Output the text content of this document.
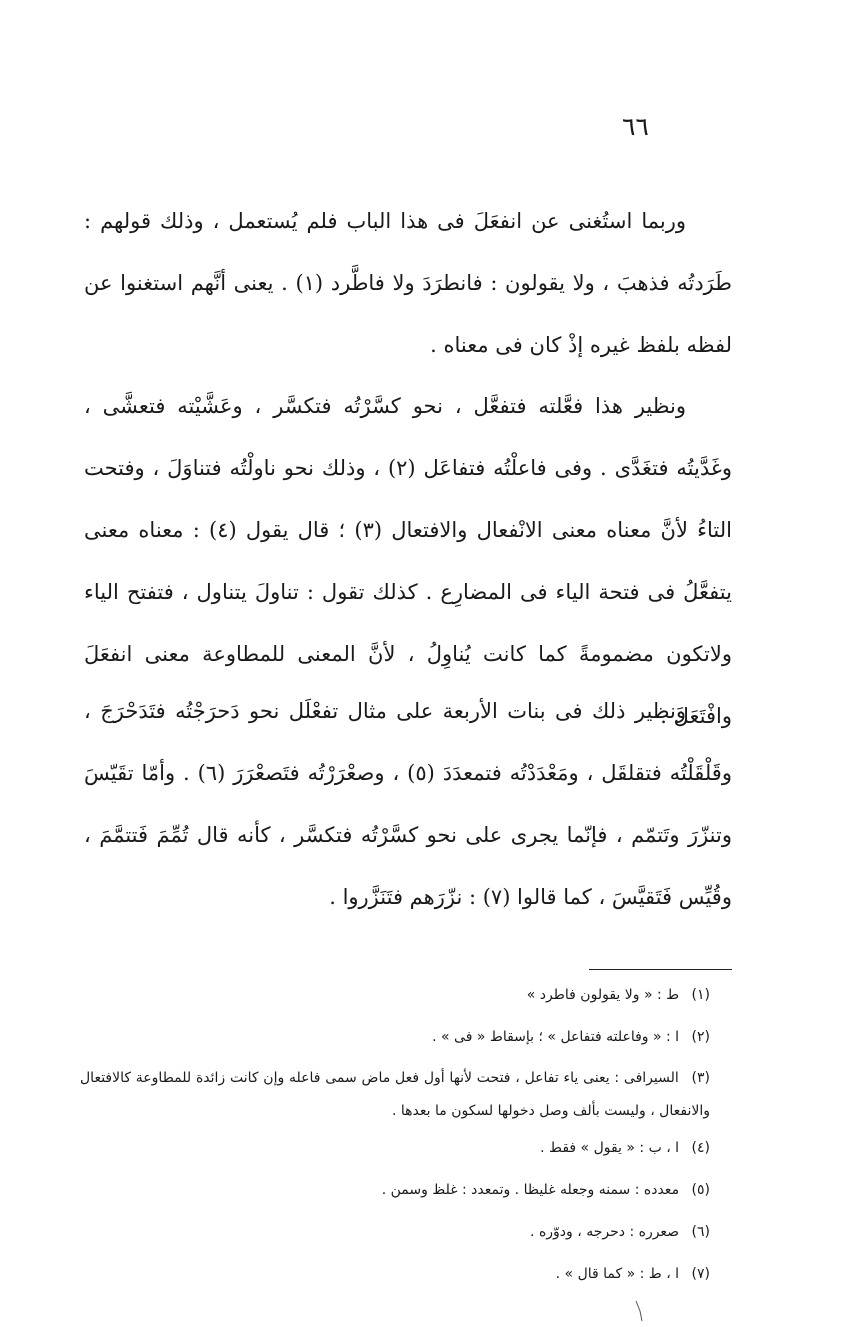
٦٦

وربما استُغنى عن انفعَلَ فى هذا الباب فلم يُستعمل ، وذلك قولهم : طَرَدتُه فذهبَ ، ولا يقولون : فانطرَدَ ولا فاطَّرد (١) . يعنى أنَّهم استغنوا عن لفظه بلفظ غيره إذْ كان فى معناه .

ونظير هذا فعَّلته فتفعَّل ، نحو كسَّرْتُه فتكسَّر ، وعَشَّيْته فتعشَّى ، وغَدَّيتُه فتغَدَّى . وفى فاعلْتُه فتفاعَل (٢) ، وذلك نحو ناولْتُه فتناوَلَ ، وفتحت التاءُ لأنَّ معناه معنى الانْفعال والافتعال (٣) ؛ قال يقول (٤) : معناه معنى يتفعَّلُ فى فتحة الياء فى المضارِع . كذلك تقول : تناولَ يتناول ، فتفتح الياء ولاتكون مضمومةً كما كانت يُناوِلُ ، لأنَّ المعنى للمطاوعة معنى انفعَلَ وافْتَعَلَ .

ونظير ذلك فى بنات الأربعة على مثال تفعْلَل نحو دَحرَجْتُه فتَدَحْرَجَ ، وقَلْقَلْتُه فتقلقَل ، ومَعْدَدْتُه فتمعدَدَ (٥) ، وصعْرَرْتُه فتَصعْرَرَ (٦) . وأمّا تقَيّسَ وتنزّرَ وتَتمّم ، فإنّما يجرى على نحو كسَّرْتُه فتكسَّر ، كأنه قال تُمِّمَ فَتتمَّمَ ، وقُيِّس فَتَقيَّسَ ، كما قالوا (٧) : نزّرَهم فتَنَزَّروا .

(١) ط : « ولا يقولون فاطرد »
(٢) ا : « وفاعلته فتفاعل » ؛ بإسقاط « فى » .
(٣) السيرافى : يعنى ياء تفاعل ، فتحت لأنها أول فعل ماض سمى فاعله وإن كانت زائدة للمطاوعة كالافتعال والانفعال ، وليست بألف وصل دخولها لسكون ما بعدها .
(٤) ا ، ب : « يقول » فقط .
(٥) معدده : سمنه وجعله غليظا . وتمعدد : غلظ وسمن .
(٦) صعرره : دحرجه ، ودوّره .
(٧) ا ، ط : « كما قال » .
